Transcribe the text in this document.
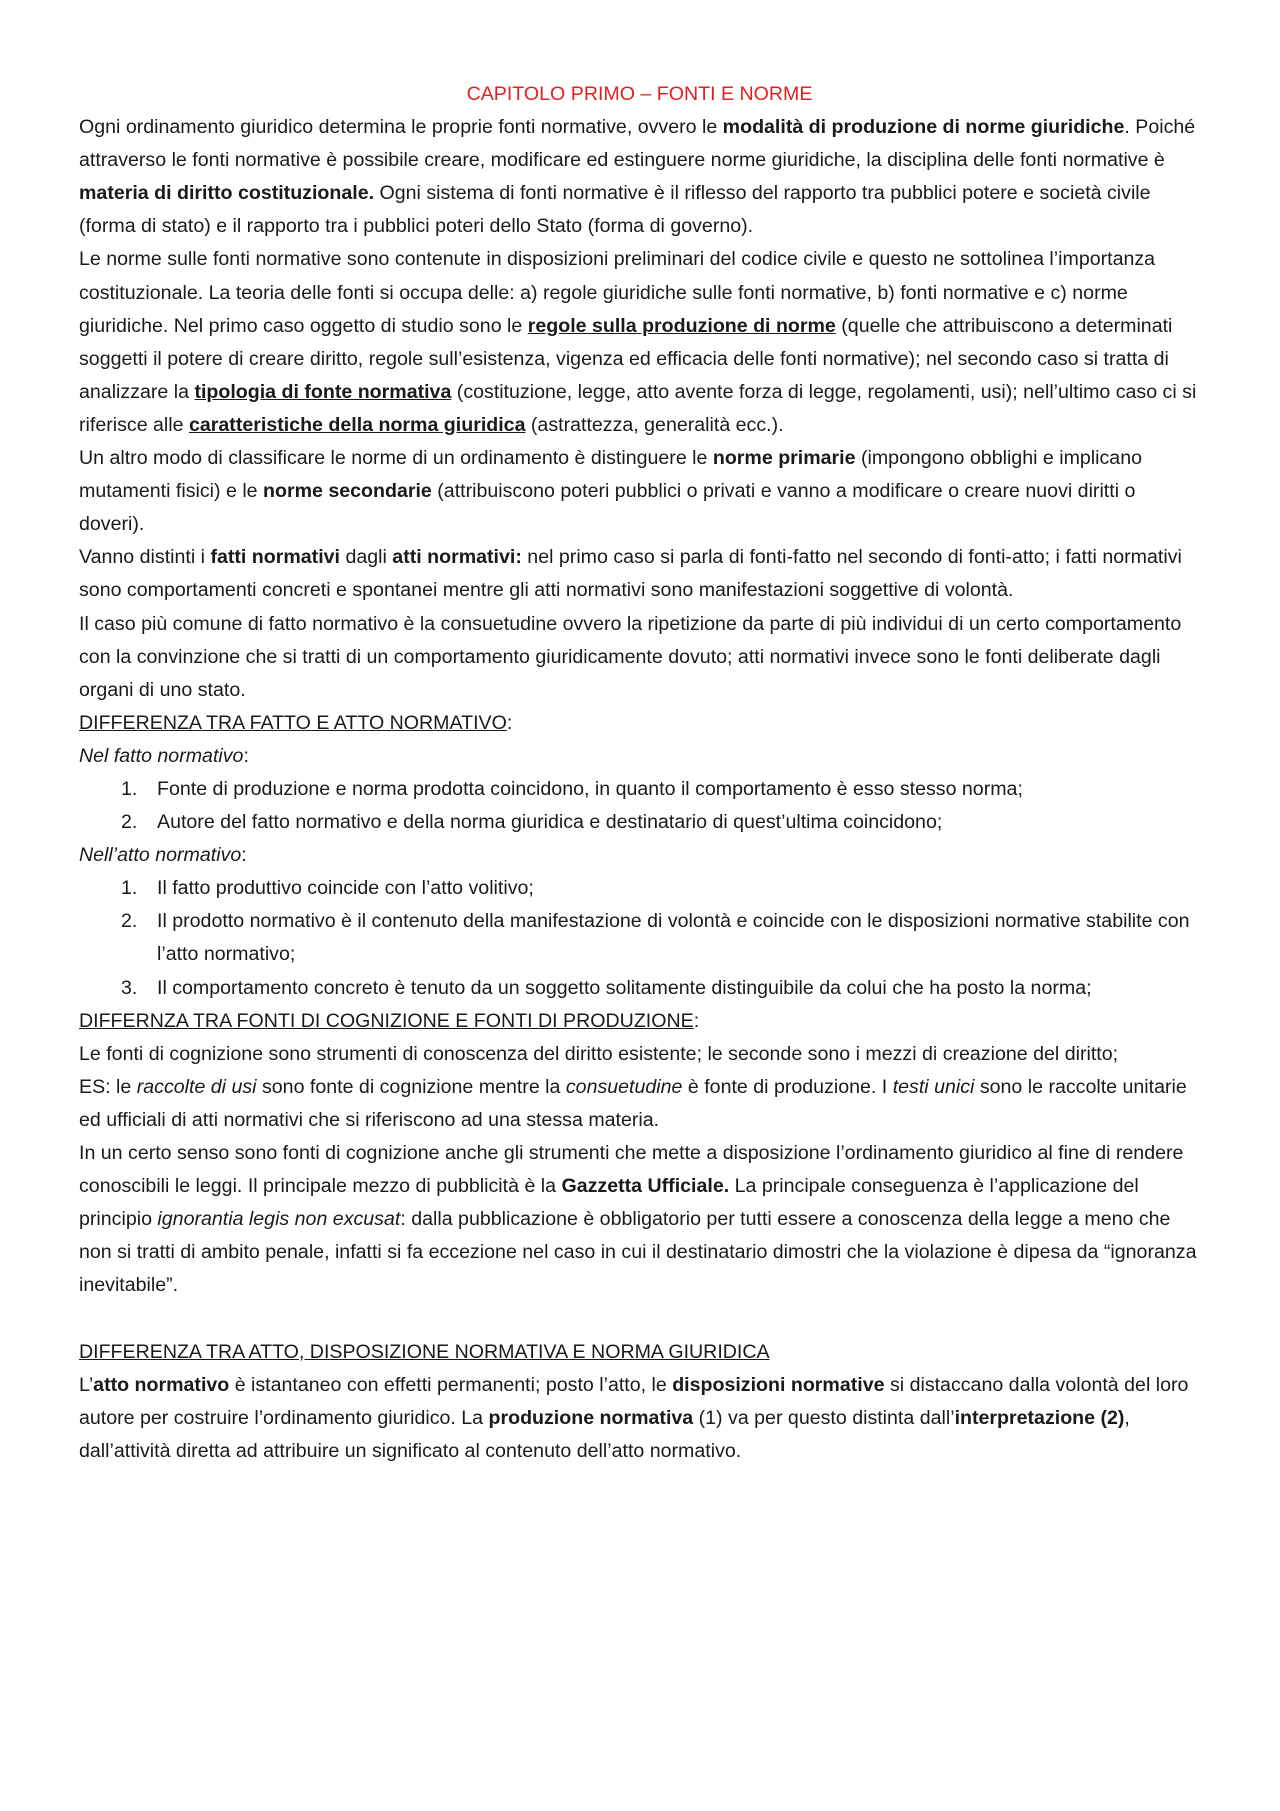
CAPITOLO PRIMO – FONTI E NORME

Ogni ordinamento giuridico determina le proprie fonti normative, ovvero le modalità di produzione di norme giuridiche. Poiché attraverso le fonti normative è possibile creare, modificare ed estinguere norme giuridiche, la disciplina delle fonti normative è materia di diritto costituzionale. Ogni sistema di fonti normative è il riflesso del rapporto tra pubblici potere e società civile (forma di stato) e il rapporto tra i pubblici poteri dello Stato (forma di governo).

Le norme sulle fonti normative sono contenute in disposizioni preliminari del codice civile e questo ne sottolinea l’importanza costituzionale. La teoria delle fonti si occupa delle: a) regole giuridiche sulle fonti normative, b) fonti normative e c) norme giuridiche. Nel primo caso oggetto di studio sono le regole sulla produzione di norme (quelle che attribuiscono a determinati soggetti il potere di creare diritto, regole sull’esistenza, vigenza ed efficacia delle fonti normative); nel secondo caso si tratta di analizzare la tipologia di fonte normativa (costituzione, legge, atto avente forza di legge, regolamenti, usi); nell’ultimo caso ci si riferisce alle caratteristiche della norma giuridica (astrattezza, generalità ecc.).

Un altro modo di classificare le norme di un ordinamento è distinguere le norme primarie (impongono obblighi e implicano mutamenti fisici) e le norme secondarie (attribuiscono poteri pubblici o privati e vanno a modificare o creare nuovi diritti o doveri).

Vanno distinti i fatti normativi dagli atti normativi: nel primo caso si parla di fonti-fatto nel secondo di fonti-atto; i fatti normativi sono comportamenti concreti e spontanei mentre gli atti normativi sono manifestazioni soggettive di volontà.

Il caso più comune di fatto normativo è la consuetudine ovvero la ripetizione da parte di più individui di un certo comportamento con la convinzione che si tratti di un comportamento giuridicamente dovuto; atti normativi invece sono le fonti deliberate dagli organi di uno stato.

DIFFERENZA TRA FATTO E ATTO NORMATIVO:

Nel fatto normativo:

1. Fonte di produzione e norma prodotta coincidono, in quanto il comportamento è esso stesso norma;
2. Autore del fatto normativo e della norma giuridica e destinatario di quest’ultima coincidono;

Nell’atto normativo:

1. Il fatto produttivo coincide con l’atto volitivo;
2. Il prodotto normativo è il contenuto della manifestazione di volontà e coincide con le disposizioni normative stabilite con l’atto normativo;
3. Il comportamento concreto è tenuto da un soggetto solitamente distinguibile da colui che ha posto la norma;

DIFFERNZA TRA FONTI DI COGNIZIONE E FONTI DI PRODUZIONE:

Le fonti di cognizione sono strumenti di conoscenza del diritto esistente; le seconde sono i mezzi di creazione del diritto;

ES: le raccolte di usi sono fonte di cognizione mentre la consuetudine è fonte di produzione. I testi unici sono le raccolte unitarie ed ufficiali di atti normativi che si riferiscono ad una stessa materia.

In un certo senso sono fonti di cognizione anche gli strumenti che mette a disposizione l’ordinamento giuridico al fine di rendere conoscibili le leggi. Il principale mezzo di pubblicità è la Gazzetta Ufficiale. La principale conseguenza è l’applicazione del principio ignorantia legis non excusat: dalla pubblicazione è obbligatorio per tutti essere a conoscenza della legge a meno che non si tratti di ambito penale, infatti si fa eccezione nel caso in cui il destinatario dimostri che la violazione è dipesa da “ignoranza inevitabile”.

DIFFERENZA TRA ATTO, DISPOSIZIONE NORMATIVA E NORMA GIURIDICA

L’atto normativo è istantaneo con effetti permanenti; posto l’atto, le disposizioni normative si distaccano dalla volontà del loro autore per costruire l’ordinamento giuridico. La produzione normativa (1) va per questo distinta dall’interpretazione (2), dall’attività diretta ad attribuire un significato al contenuto dell’atto normativo.
